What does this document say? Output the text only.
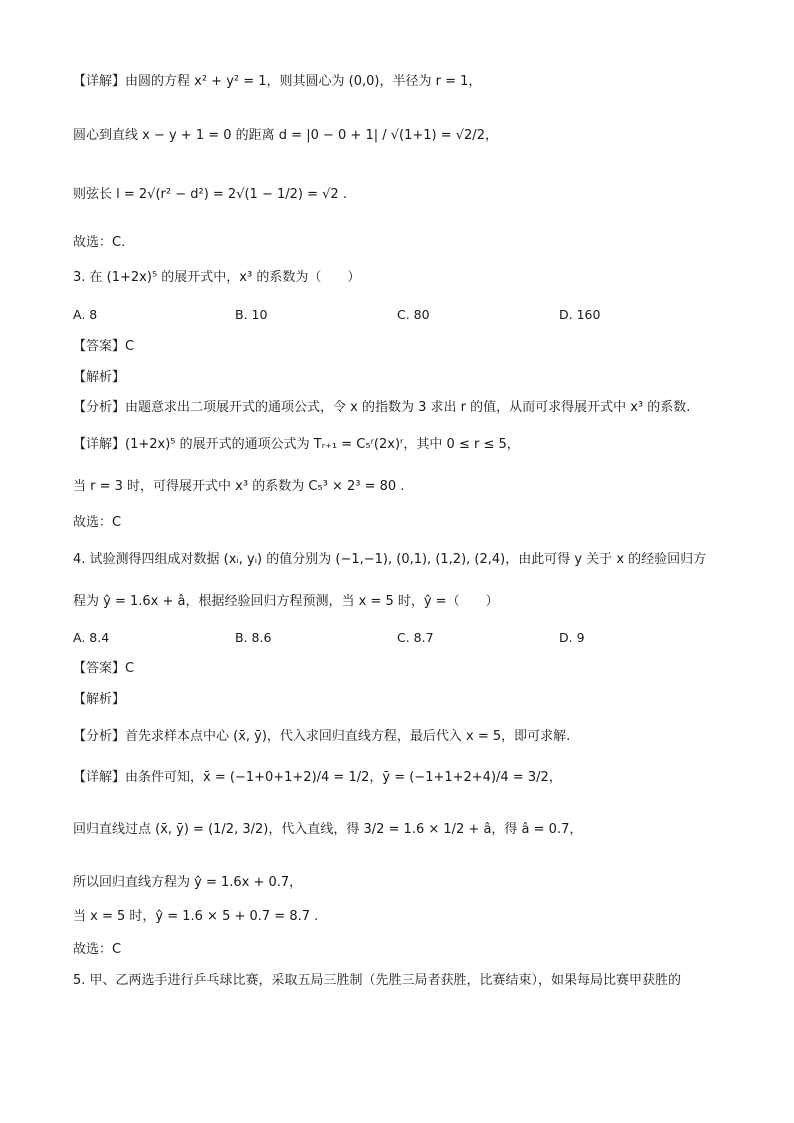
【详解】由圆的方程 x² + y² = 1，则其圆心为 (0,0)，半径为 r = 1，
圆心到直线 x − y + 1 = 0 的距离 d = |0 − 0 + 1| / √(1+1) = √2/2，
则弦长 l = 2√(r² − d²) = 2√(1 − 1/2) = √2 .
故选：C.
3. 在 (1+2x)⁵ 的展开式中，x³ 的系数为（　　）
A. 8	B. 10	C. 80	D. 160
【答案】C
【解析】
【分析】由题意求出二项展开式的通项公式，令 x 的指数为 3 求出 r 的值，从而可求得展开式中 x³ 的系数.
【详解】(1+2x)⁵ 的展开式的通项公式为 Tᵣ₊₁ = C₅ʳ(2x)ʳ，其中 0 ≤ r ≤ 5，
当 r = 3 时，可得展开式中 x³ 的系数为 C₅³ × 2³ = 80 .
故选：C
4. 试验测得四组成对数据 (xᵢ, yᵢ) 的值分别为 (−1,−1), (0,1), (1,2), (2,4)，由此可得 y 关于 x 的经验回归方
程为 ŷ = 1.6x + â，根据经验回归方程预测，当 x = 5 时，ŷ =（　　）
A. 8.4	B. 8.6	C. 8.7	D. 9
【答案】C
【解析】
【分析】首先求样本点中心 (x̄, ȳ)，代入求回归直线方程，最后代入 x = 5，即可求解.
【详解】由条件可知，x̄ = (−1+0+1+2)/4 = 1/2，ȳ = (−1+1+2+4)/4 = 3/2，
回归直线过点 (x̄, ȳ) = (1/2, 3/2)，代入直线，得 3/2 = 1.6 × 1/2 + â，得 â = 0.7，
所以回归直线方程为 ŷ = 1.6x + 0.7，
当 x = 5 时，ŷ = 1.6 × 5 + 0.7 = 8.7 .
故选：C
5. 甲、乙两选手进行乒乓球比赛，采取五局三胜制（先胜三局者获胜，比赛结束），如果每局比赛甲获胜的
